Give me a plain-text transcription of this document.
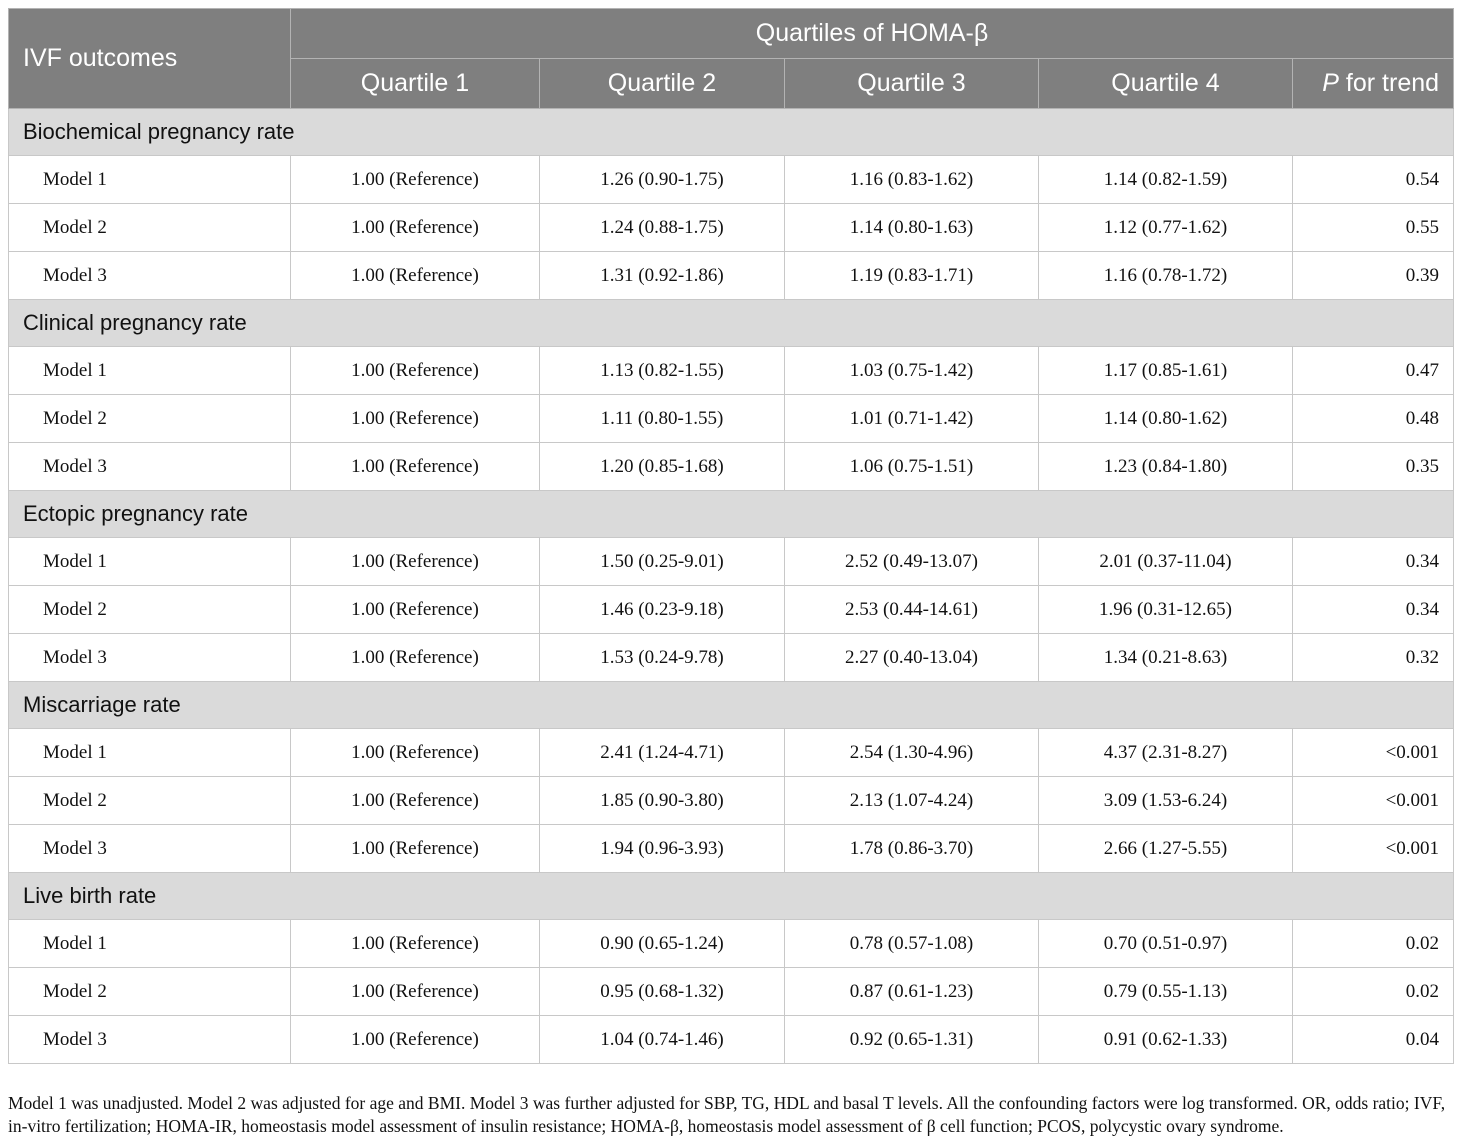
IVF outcomes	Quartiles of HOMA-β				
	Quartile 1	Quartile 2	Quartile 3	Quartile 4	P for trend
Biochemical pregnancy rate					
Model 1	1.00 (Reference)	1.26 (0.90-1.75)	1.16 (0.83-1.62)	1.14 (0.82-1.59)	0.54
Model 2	1.00 (Reference)	1.24 (0.88-1.75)	1.14 (0.80-1.63)	1.12 (0.77-1.62)	0.55
Model 3	1.00 (Reference)	1.31 (0.92-1.86)	1.19 (0.83-1.71)	1.16 (0.78-1.72)	0.39
Clinical pregnancy rate					
Model 1	1.00 (Reference)	1.13 (0.82-1.55)	1.03 (0.75-1.42)	1.17 (0.85-1.61)	0.47
Model 2	1.00 (Reference)	1.11 (0.80-1.55)	1.01 (0.71-1.42)	1.14 (0.80-1.62)	0.48
Model 3	1.00 (Reference)	1.20 (0.85-1.68)	1.06 (0.75-1.51)	1.23 (0.84-1.80)	0.35
Ectopic pregnancy rate					
Model 1	1.00 (Reference)	1.50 (0.25-9.01)	2.52 (0.49-13.07)	2.01 (0.37-11.04)	0.34
Model 2	1.00 (Reference)	1.46 (0.23-9.18)	2.53 (0.44-14.61)	1.96 (0.31-12.65)	0.34
Model 3	1.00 (Reference)	1.53 (0.24-9.78)	2.27 (0.40-13.04)	1.34 (0.21-8.63)	0.32
Miscarriage rate					
Model 1	1.00 (Reference)	2.41 (1.24-4.71)	2.54 (1.30-4.96)	4.37 (2.31-8.27)	<0.001
Model 2	1.00 (Reference)	1.85 (0.90-3.80)	2.13 (1.07-4.24)	3.09 (1.53-6.24)	<0.001
Model 3	1.00 (Reference)	1.94 (0.96-3.93)	1.78 (0.86-3.70)	2.66 (1.27-5.55)	<0.001
Live birth rate					
Model 1	1.00 (Reference)	0.90 (0.65-1.24)	0.78 (0.57-1.08)	0.70 (0.51-0.97)	0.02
Model 2	1.00 (Reference)	0.95 (0.68-1.32)	0.87 (0.61-1.23)	0.79 (0.55-1.13)	0.02
Model 3	1.00 (Reference)	1.04 (0.74-1.46)	0.92 (0.65-1.31)	0.91 (0.62-1.33)	0.04
Model 1 was unadjusted. Model 2 was adjusted for age and BMI. Model 3 was further adjusted for SBP, TG, HDL and basal T levels. All the confounding factors were log transformed. OR, odds ratio; IVF, in-vitro fertilization; HOMA-IR, homeostasis model assessment of insulin resistance; HOMA-β, homeostasis model assessment of β cell function; PCOS, polycystic ovary syndrome.
